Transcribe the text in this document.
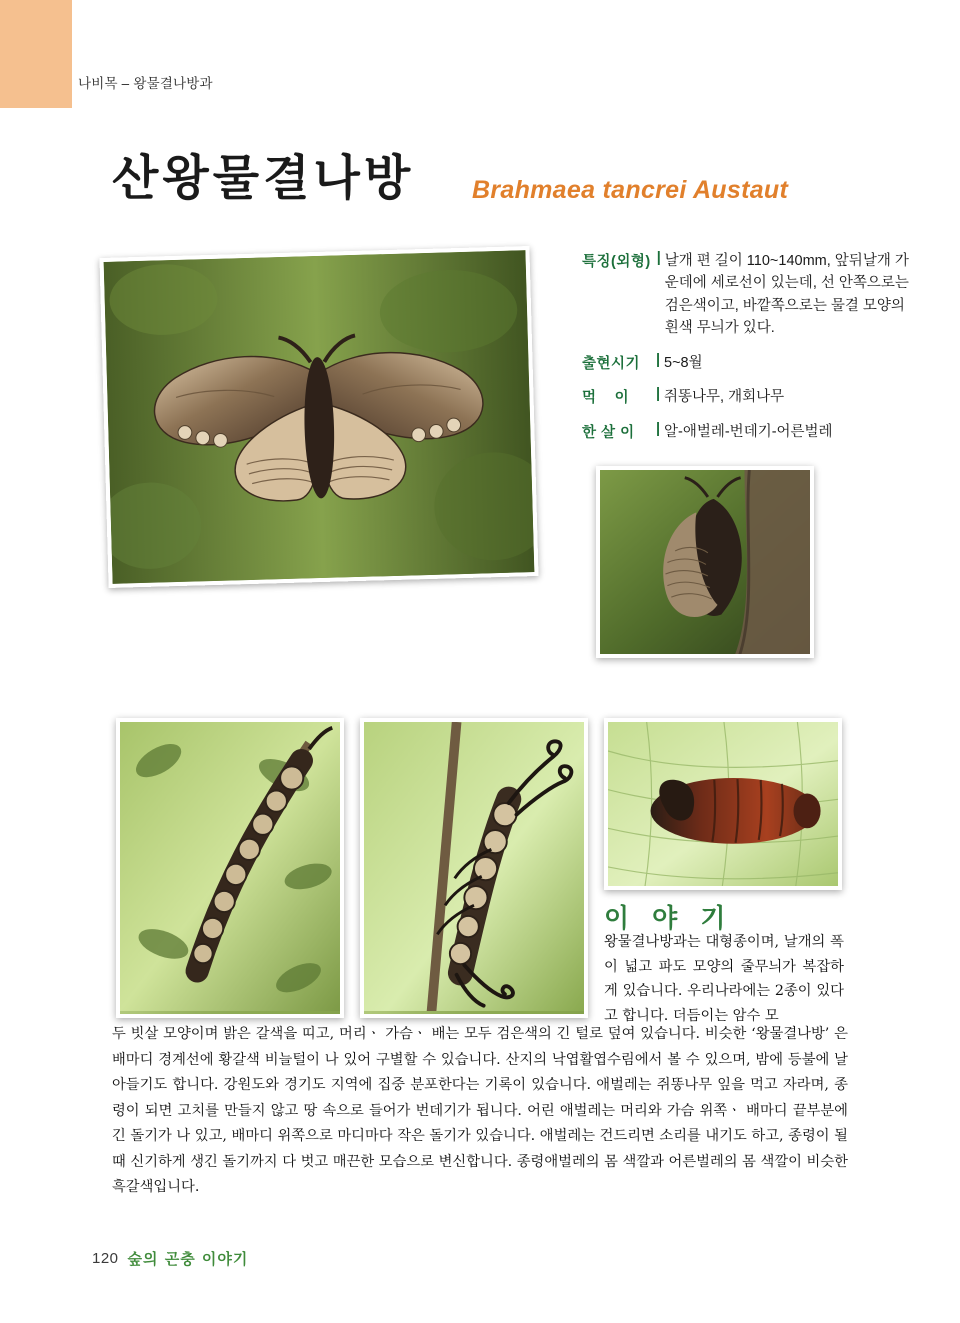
나비목 – 왕물결나방과
산왕물결나방 Brahmaea tancrei Austaut
특징(외형) | 날개 편 길이 110~140mm, 앞뒤날개 가운데에 세로선이 있는데, 선 안쪽으로는 검은색이고, 바깥쪽으로는 물결 모양의 흰색 무늬가 있다.
출현시기	| 5~8월
먹    이	| 쥐똥나무, 개회나무
한 살 이	| 알-애벌레-번데기-어른벌레
이 야 기
왕물결나방과는 대형종이며, 날개의 폭이 넓고 파도 모양의 줄무늬가 복잡하게 있습니다. 우리나라에는 2종이 있다고 합니다. 더듬이는 암수 모
두 빗살 모양이며 밝은 갈색을 띠고, 머리ㆍ 가슴ㆍ 배는 모두 검은색의 긴 털로 덮여 있습니다. 비슷한 ‘왕물결나방’ 은 배마디 경계선에 황갈색 비늘털이 나 있어 구별할 수 있습니다. 산지의 낙엽활엽수림에서 볼 수 있으며, 밤에 등불에 날아들기도 합니다. 강원도와 경기도 지역에 집중 분포한다는 기록이 있습니다. 애벌레는 쥐똥나무 잎을 먹고 자라며, 종령이 되면 고치를 만들지 않고 땅 속으로 들어가 번데기가 됩니다. 어린 애벌레는 머리와 가슴 위쪽ㆍ 배마디 끝부분에 긴 돌기가 나 있고, 배마디 위쪽으로 마디마다 작은 돌기가 있습니다. 애벌레는 건드리면 소리를 내기도 하고, 종령이 될 때 신기하게 생긴 돌기까지 다 벗고 매끈한 모습으로 변신합니다. 종령애벌레의 몸 색깔과 어른벌레의 몸 색깔이 비슷한 흑갈색입니다.
120 숲의 곤충 이야기
